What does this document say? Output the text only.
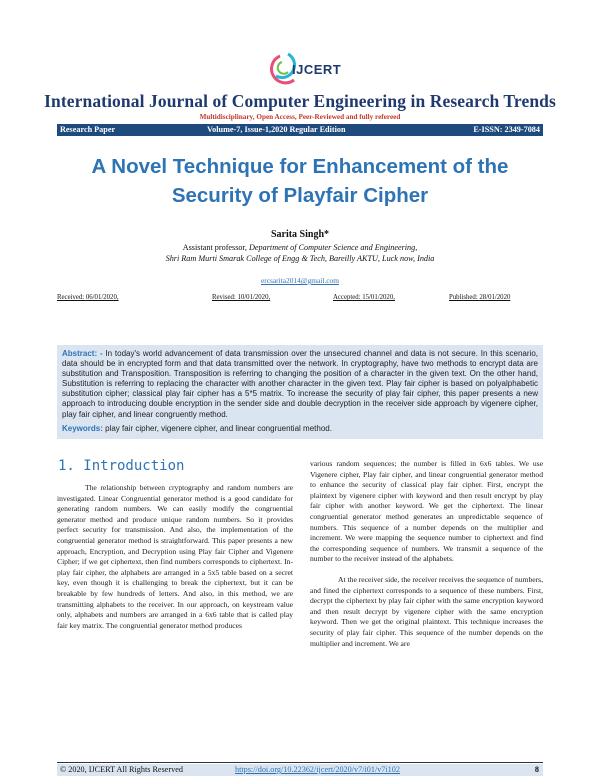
IJCERT
International Journal of Computer Engineering in Research Trends
Multidisciplinary, Open Access, Peer-Reviewed and fully refereed
Research Paper	Volume-7, Issue-1,2020 Regular Edition	E-ISSN: 2349-7084
A Novel Technique for Enhancement of the Security of Playfair Cipher
Sarita Singh*
Assistant professor, Department of Computer Science and Engineering,
Shri Ram Murti Smarak College of Engg & Tech, Bareilly AKTU, Luck now, India
ercsarita2014@gmail.com
Received: 06/01/2020,	Revised: 10/01/2020,	Accepted: 15/01/2020,	Published: 28/01/2020
Abstract: - In today's world advancement of data transmission over the unsecured channel and data is not secure. In this scenario, data should be in encrypted form and that data transmitted over the network. In cryptography, have two methods to encrypt data are substitution and Transposition. Transposition is referring to changing the position of a character in the given text. On the other hand, Substitution is referring to replacing the character with another character in the given text. Play fair cipher is based on polyalphabetic substitution cipher; classical play fair cipher has a 5*5 matrix. To increase the security of play fair cipher, this paper presents a new approach to introducing double encryption in the sender side and double decryption in the receiver side approach by vigenere cipher, play fair cipher, and linear congruently method.
Keywords: play fair cipher, vigenere cipher, and linear congruential method.
1. Introduction

The relationship between cryptography and random numbers are investigated. Linear Congruential generator method is a good candidate for generating random numbers. We can easily modify the congruential generator method and produce unique random numbers. So it provides perfect security for transmission. And also, the implementation of the congruential generator method is straightforward. This paper presents a new approach, Encryption, and Decryption using Play fair Cipher and Vigenere Cipher; if we get ciphertext, then find numbers corresponds to ciphertext. In-play fair cipher, the alphabets are arranged in a 5x5 table based on a secret key, even though it is challenging to break the ciphertext, but it can be breakable by few hundreds of letters. And also, in this method, we are transmitting alphabets to the receiver. In our approach, on keystream value only, alphabets and numbers are arranged in a 6x6 table that is called play fair key matrix. The congruential generator method produces

various random sequences; the number is filled in 6x6 tables. We use Vigenere cipher, Play fair cipher, and linear congruential generator method to enhance the security of classical play fair cipher. First, encrypt the plaintext by vigenere cipher with keyword and then result encrypt by play fair cipher with another keyword. We get the ciphertext. The linear congruential generator method generates an unpredictable sequence of numbers. This sequence of a number depends on the multiplier and increment. We were mapping the sequence number to ciphertext and find the corresponding sequence of numbers. We transmit a sequence of the number to the receiver instead of the alphabets.

At the receiver side, the receiver receives the sequence of numbers, and fined the ciphertext corresponds to a sequence of these numbers. First, decrypt the ciphertext by play fair cipher with the same encryption keyword and then result decrypt by vigenere cipher with the same encryption keyword. Then we get the original plaintext. This technique increases the security of play fair cipher. This sequence of the number depends on the multiplier and increment. We are

© 2020, IJCERT All Rights Reserved	https://doi.org/10.22362/ijcert/2020/v7/i01/v7i102	8
